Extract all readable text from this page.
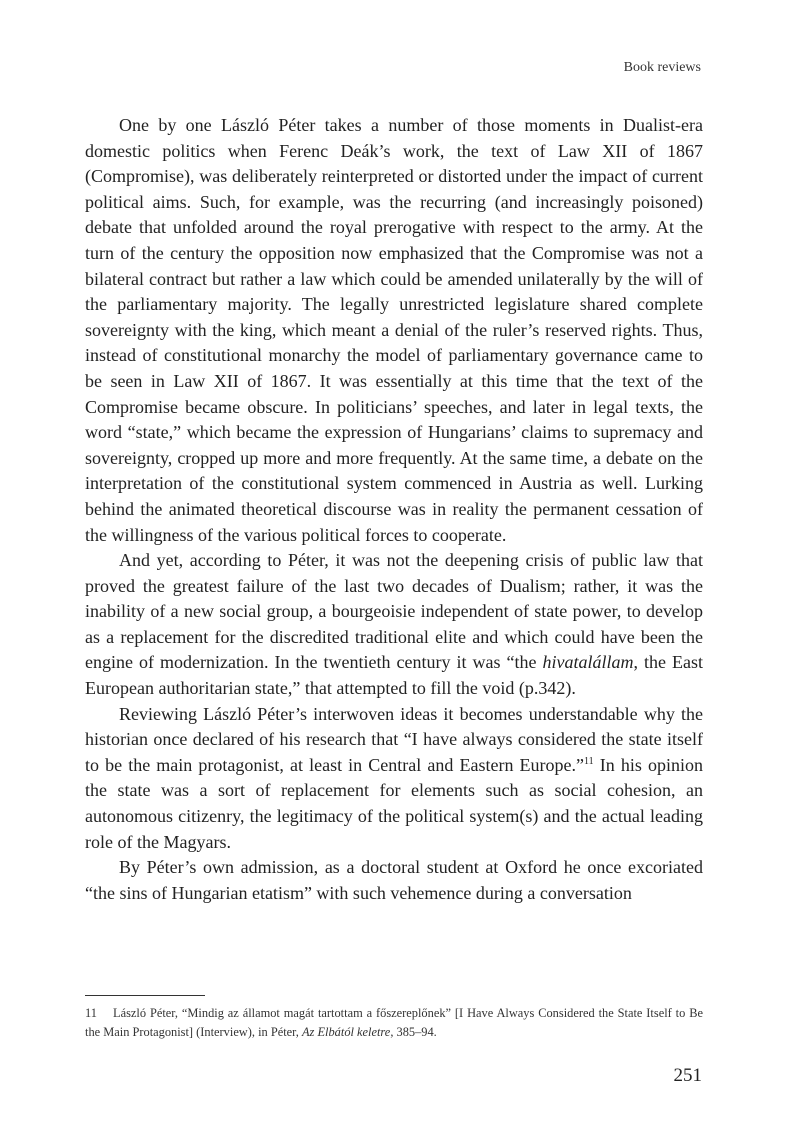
Book reviews

One by one László Péter takes a number of those moments in Dualist-era domestic politics when Ferenc Deák’s work, the text of Law XII of 1867 (Compromise), was deliberately reinterpreted or distorted under the impact of current political aims. Such, for example, was the recurring (and increasingly poisoned) debate that unfolded around the royal prerogative with respect to the army. At the turn of the century the opposition now emphasized that the Compromise was not a bilateral contract but rather a law which could be amended unilaterally by the will of the parliamentary majority. The legally unrestricted legislature shared complete sovereignty with the king, which meant a denial of the ruler’s reserved rights. Thus, instead of constitutional monarchy the model of parliamentary governance came to be seen in Law XII of 1867. It was essentially at this time that the text of the Compromise became obscure. In politicians’ speeches, and later in legal texts, the word “state,” which became the expression of Hungarians’ claims to supremacy and sovereignty, cropped up more and more frequently. At the same time, a debate on the interpretation of the constitutional system commenced in Austria as well. Lurking behind the animated theoretical discourse was in reality the permanent cessation of the willingness of the various political forces to cooperate.

And yet, according to Péter, it was not the deepening crisis of public law that proved the greatest failure of the last two decades of Dualism; rather, it was the inability of a new social group, a bourgeoisie independent of state power, to develop as a replacement for the discredited traditional elite and which could have been the engine of modernization. In the twentieth century it was “the hivatalállam, the East European authoritarian state,” that attempted to fill the void (p.342).

Reviewing László Péter’s interwoven ideas it becomes understandable why the historian once declared of his research that “I have always considered the state itself to be the main protagonist, at least in Central and Eastern Europe.”$^{11}$ In his opinion the state was a sort of replacement for elements such as social cohesion, an autonomous citizenry, the legitimacy of the political system(s) and the actual leading role of the Magyars.

By Péter’s own admission, as a doctoral student at Oxford he once excoriated “the sins of Hungarian etatism” with such vehemence during a conversation

11 László Péter, “Mindig az államot magát tartottam a főszereplőnek” [I Have Always Considered the State Itself to Be the Main Protagonist] (Interview), in Péter, Az Elbától keletre, 385–94.

251
